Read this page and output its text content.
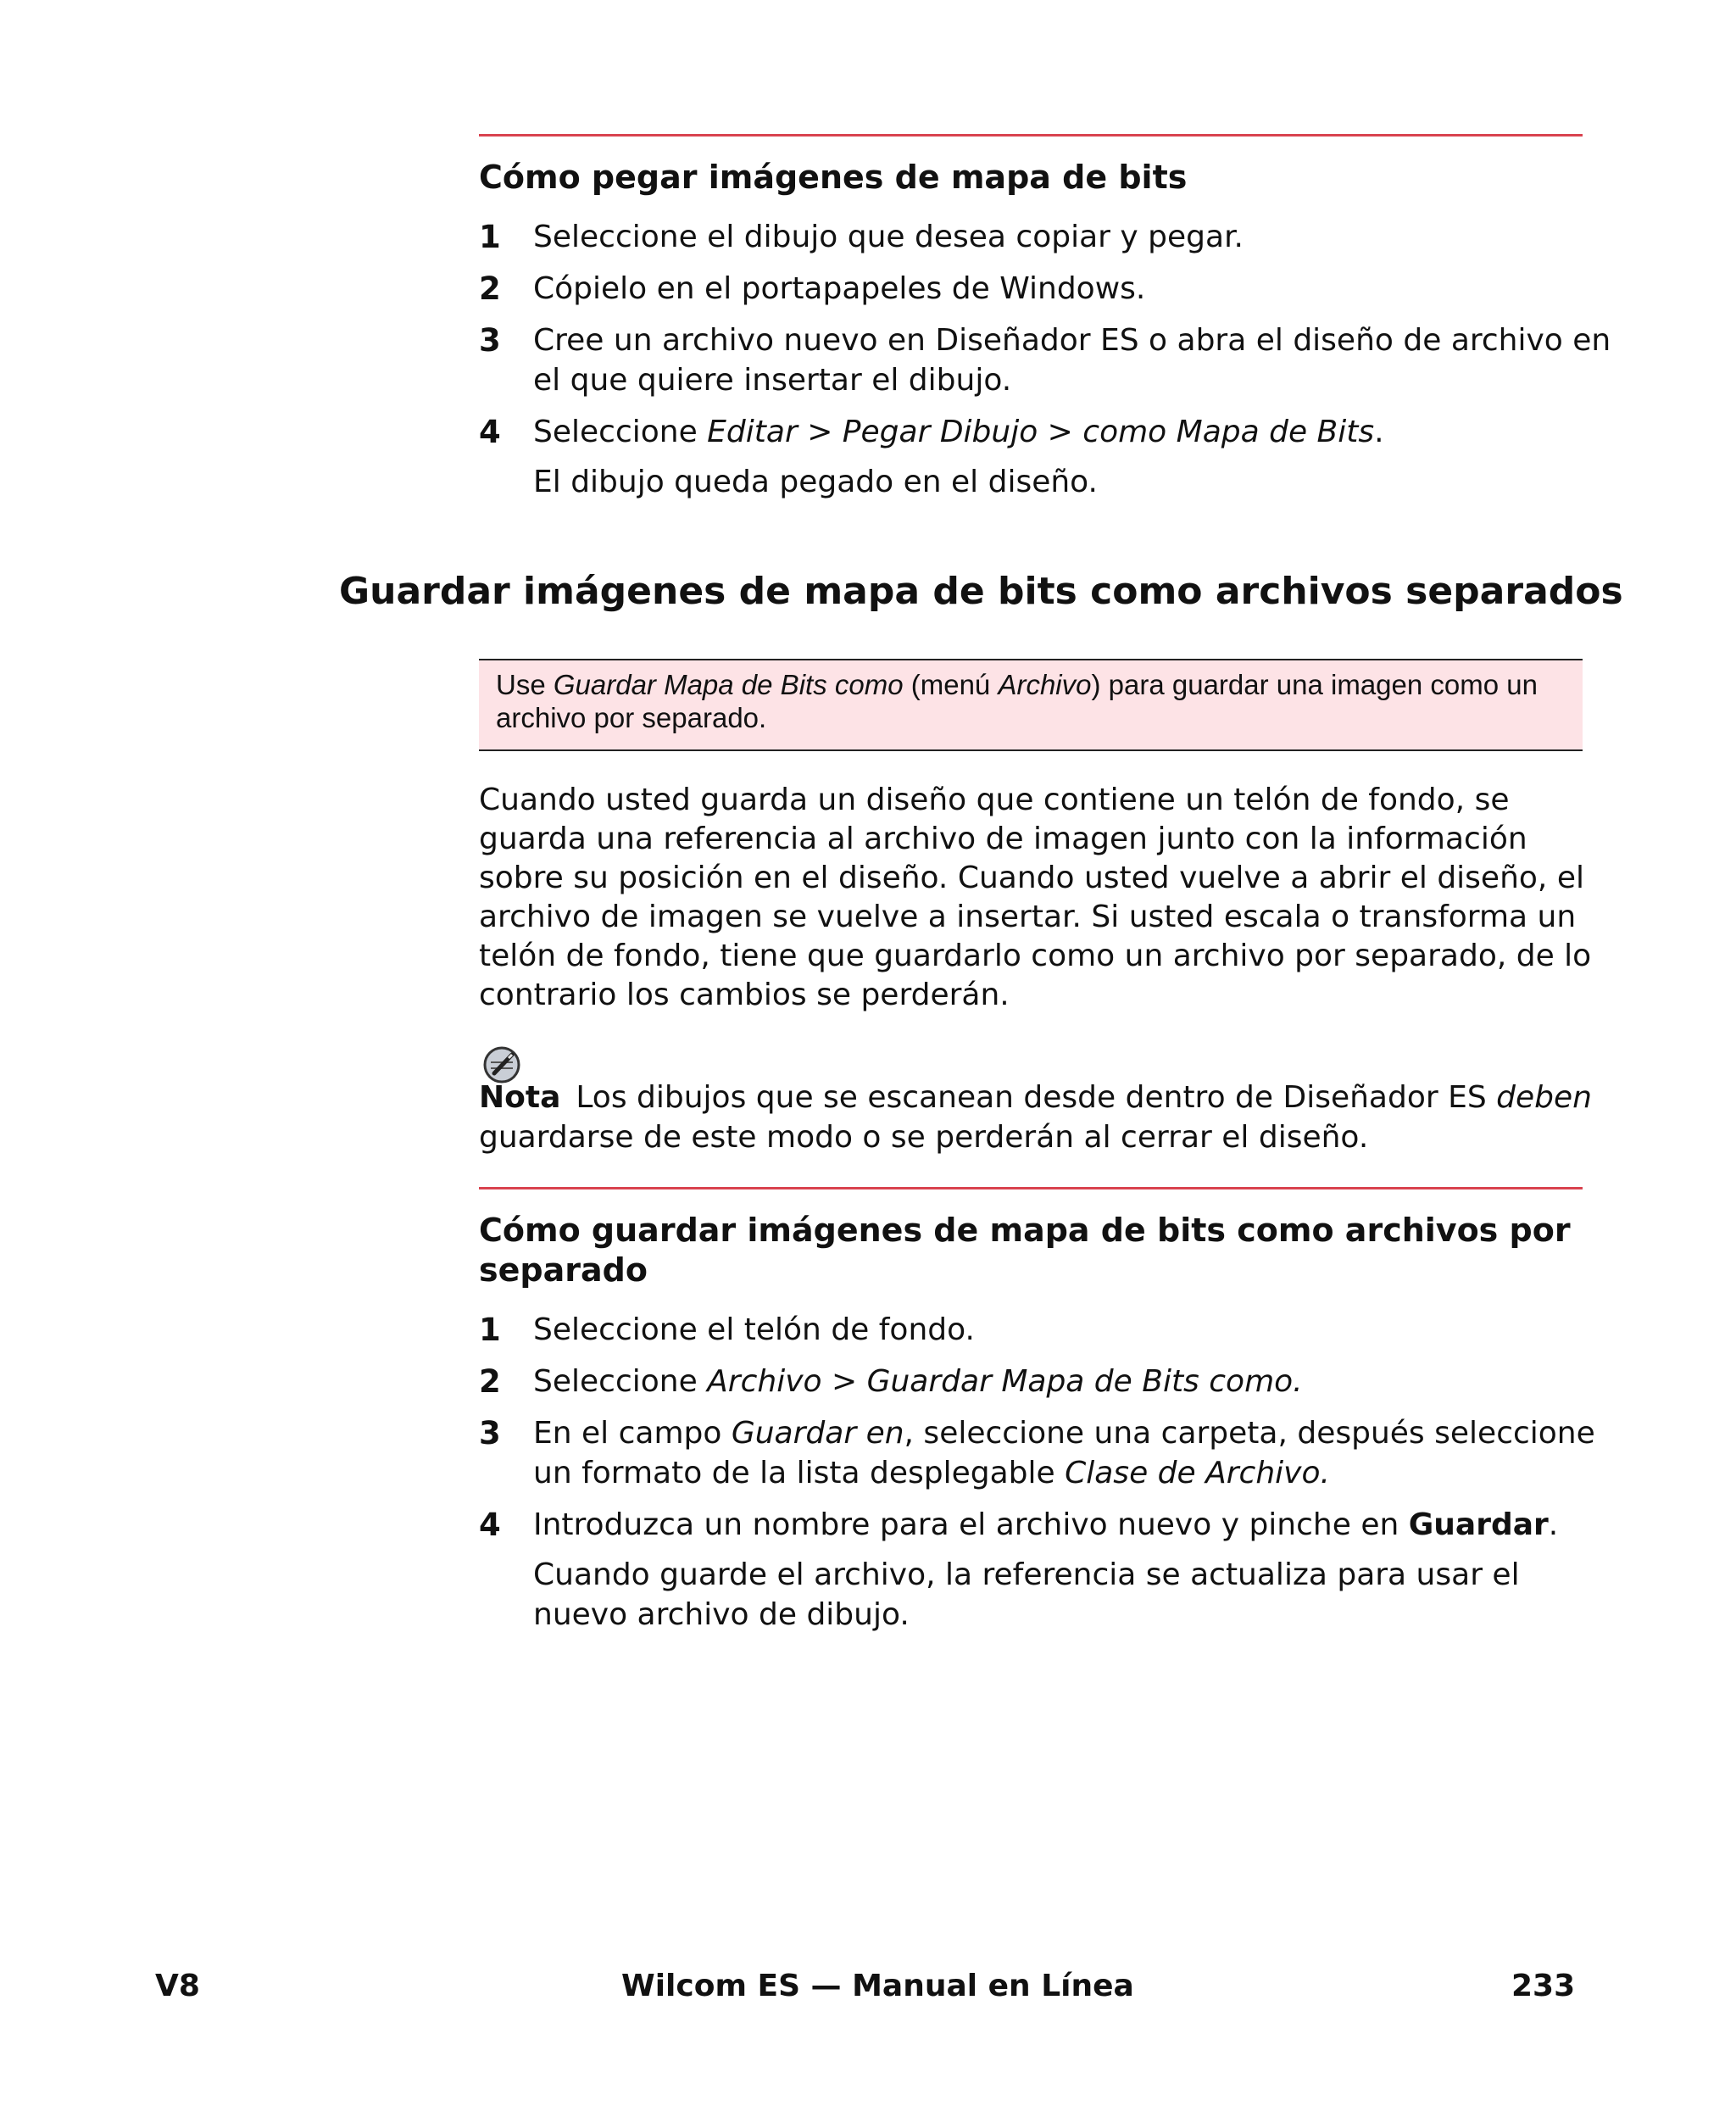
Cómo pegar imágenes de mapa de bits
1 Seleccione el dibujo que desea copiar y pegar.
2 Cópielo en el portapapeles de Windows.
3 Cree un archivo nuevo en Diseñador ES o abra el diseño de archivo en el que quiere insertar el dibujo.
4 Seleccione Editar > Pegar Dibujo > como Mapa de Bits.
El dibujo queda pegado en el diseño.
Guardar imágenes de mapa de bits como archivos separados
Use Guardar Mapa de Bits como (menú Archivo) para guardar una imagen como un archivo por separado.

Cuando usted guarda un diseño que contiene un telón de fondo, se guarda una referencia al archivo de imagen junto con la información sobre su posición en el diseño. Cuando usted vuelve a abrir el diseño, el archivo de imagen se vuelve a insertar. Si usted escala o transforma un telón de fondo, tiene que guardarlo como un archivo por separado, de lo contrario los cambios se perderán.

Nota Los dibujos que se escanean desde dentro de Diseñador ES deben guardarse de este modo o se perderán al cerrar el diseño.

Cómo guardar imágenes de mapa de bits como archivos por separado
1 Seleccione el telón de fondo.
2 Seleccione Archivo > Guardar Mapa de Bits como.
3 En el campo Guardar en, seleccione una carpeta, después seleccione un formato de la lista desplegable Clase de Archivo.
4 Introduzca un nombre para el archivo nuevo y pinche en Guardar.
Cuando guarde el archivo, la referencia se actualiza para usar el nuevo archivo de dibujo.
V8	Wilcom ES — Manual en Línea	233
